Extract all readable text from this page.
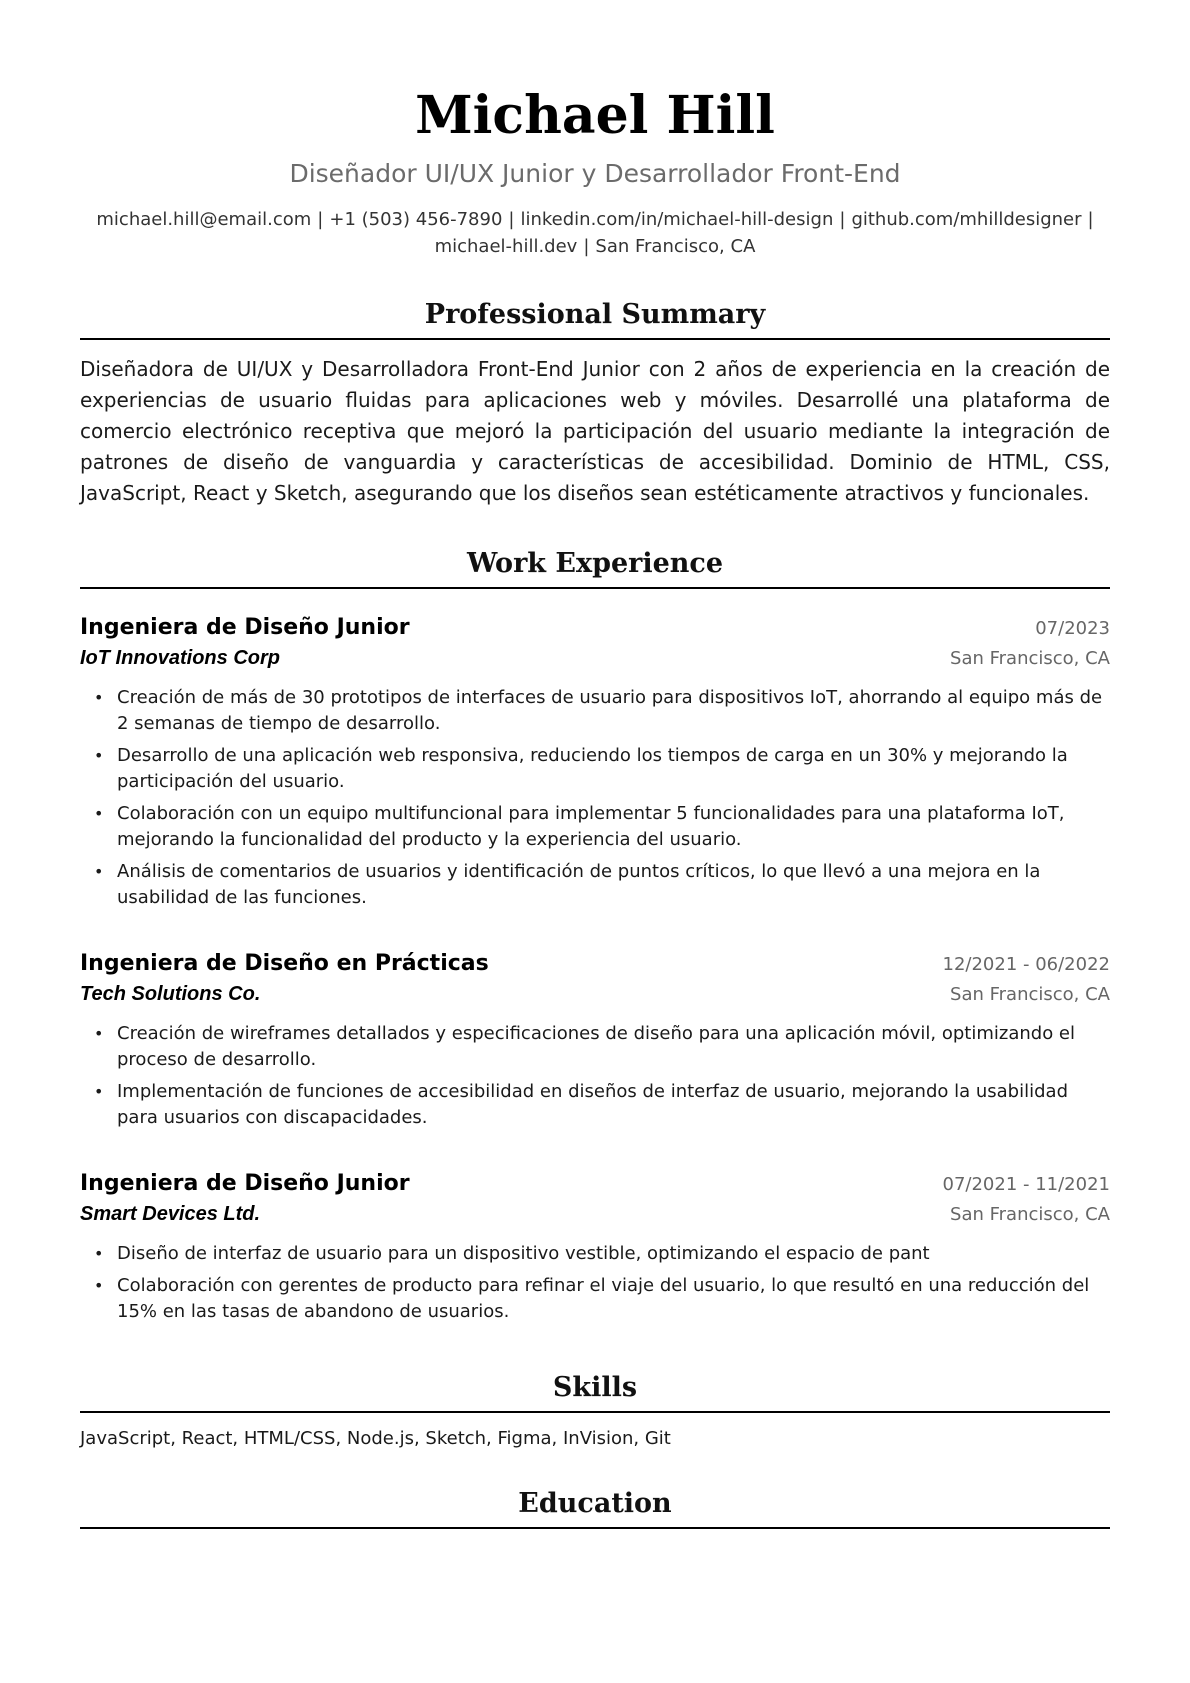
Michael Hill
Diseñador UI/UX Junior y Desarrollador Front-End
michael.hill@email.com | +1 (503) 456-7890 | linkedin.com/in/michael-hill-design | github.com/mhilldesigner |
michael-hill.dev | San Francisco, CA
Professional Summary
Diseñadora de UI/UX y Desarrolladora Front-End Junior con 2 años de experiencia en la creación de experiencias de usuario fluidas para aplicaciones web y móviles. Desarrollé una plataforma de comercio electrónico receptiva que mejoró la participación del usuario mediante la integración de patrones de diseño de vanguardia y características de accesibilidad. Dominio de HTML, CSS, JavaScript, React y Sketch, asegurando que los diseños sean estéticamente atractivos y funcionales.
Work Experience
Ingeniera de Diseño Junior	07/2023
IoT Innovations Corp	San Francisco, CA
• Creación de más de 30 prototipos de interfaces de usuario para dispositivos IoT, ahorrando al equipo más de 2 semanas de tiempo de desarrollo.
• Desarrollo de una aplicación web responsiva, reduciendo los tiempos de carga en un 30% y mejorando la participación del usuario.
• Colaboración con un equipo multifuncional para implementar 5 funcionalidades para una plataforma IoT, mejorando la funcionalidad del producto y la experiencia del usuario.
• Análisis de comentarios de usuarios y identificación de puntos críticos, lo que llevó a una mejora en la usabilidad de las funciones.
Ingeniera de Diseño en Prácticas	12/2021 - 06/2022
Tech Solutions Co.	San Francisco, CA
• Creación de wireframes detallados y especificaciones de diseño para una aplicación móvil, optimizando el proceso de desarrollo.
• Implementación de funciones de accesibilidad en diseños de interfaz de usuario, mejorando la usabilidad para usuarios con discapacidades.
Ingeniera de Diseño Junior	07/2021 - 11/2021
Smart Devices Ltd.	San Francisco, CA
• Diseño de interfaz de usuario para un dispositivo vestible, optimizando el espacio de pant
• Colaboración con gerentes de producto para refinar el viaje del usuario, lo que resultó en una reducción del 15% en las tasas de abandono de usuarios.
Skills
JavaScript, React, HTML/CSS, Node.js, Sketch, Figma, InVision, Git
Education
